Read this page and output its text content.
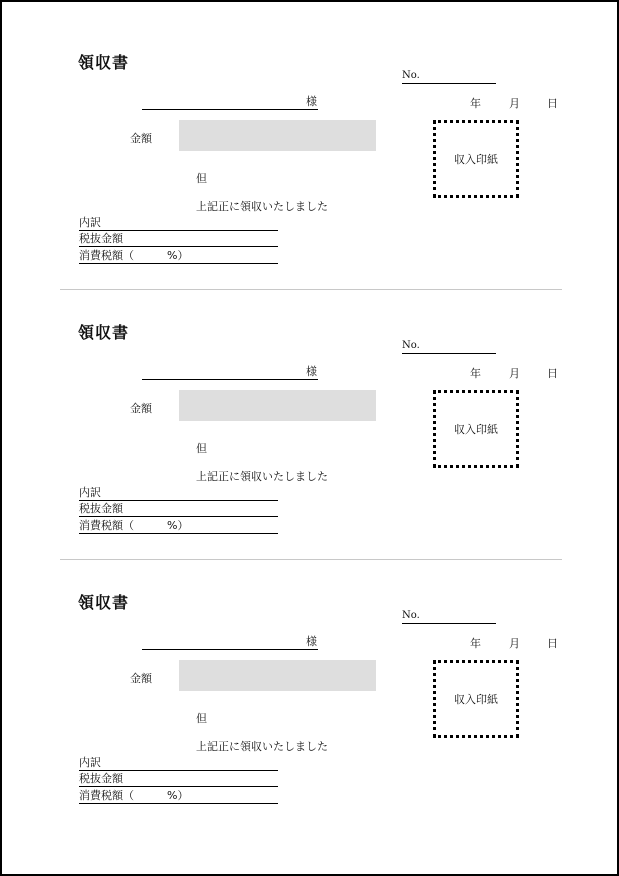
領収書
No.
年	月 日
様
金額
但
上記正に領収いたしました
収入印紙
内訳
税抜金額
消費税額（　　　%）
領収書
No.
年	月 日
様
金額
但
上記正に領収いたしました
収入印紙
内訳
税抜金額
消費税額（　　　%）
領収書
No.
年	月 日
様
金額
但
上記正に領収いたしました
収入印紙
内訳
税抜金額
消費税額（　　　%）
